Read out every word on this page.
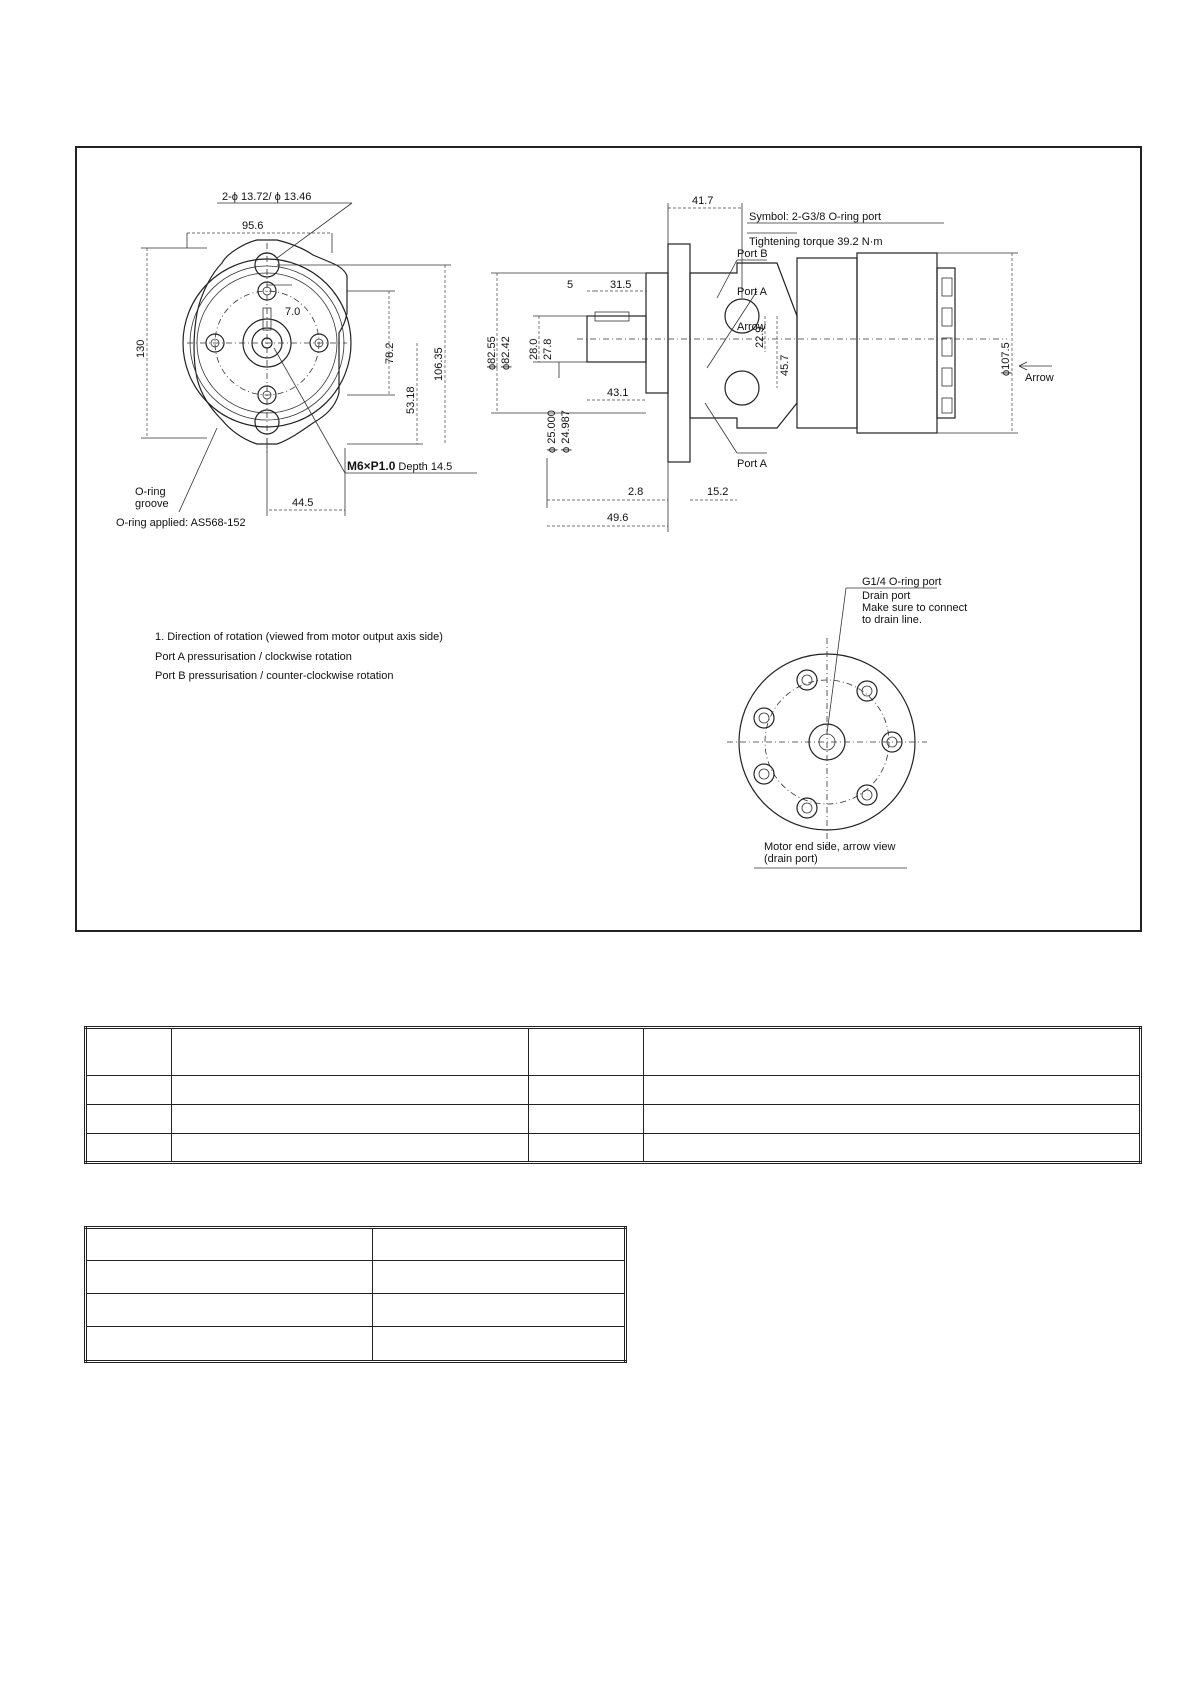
95.6
2-ϕ 13.72/ ϕ 13.46
130
7.0
78.2
53.18
106.35
M6×P1.0 Depth 14.5
44.5
O-ring
groove
O-ring applied: AS568-152
41.7
5	31.5
ϕ82.55 ϕ82.42 28.0 27.8
43.1
ϕ 25.000 ϕ 24.987
2.8	15.2
49.6
22.9
45.7	ϕ107.5
Symbol: 2-G3/8 O-ring port
Tightening torque 39.2 N·m
Port B
Port A
Arrow
Port A
Arrow
G1/4 O-ring port
Drain port
Make sure to connect
to drain line.
Motor end side, arrow view
(drain port)
1. Direction of rotation (viewed from motor output axis side)
Port A pressurisation / clockwise rotation
Port B pressurisation / counter-clockwise rotation
